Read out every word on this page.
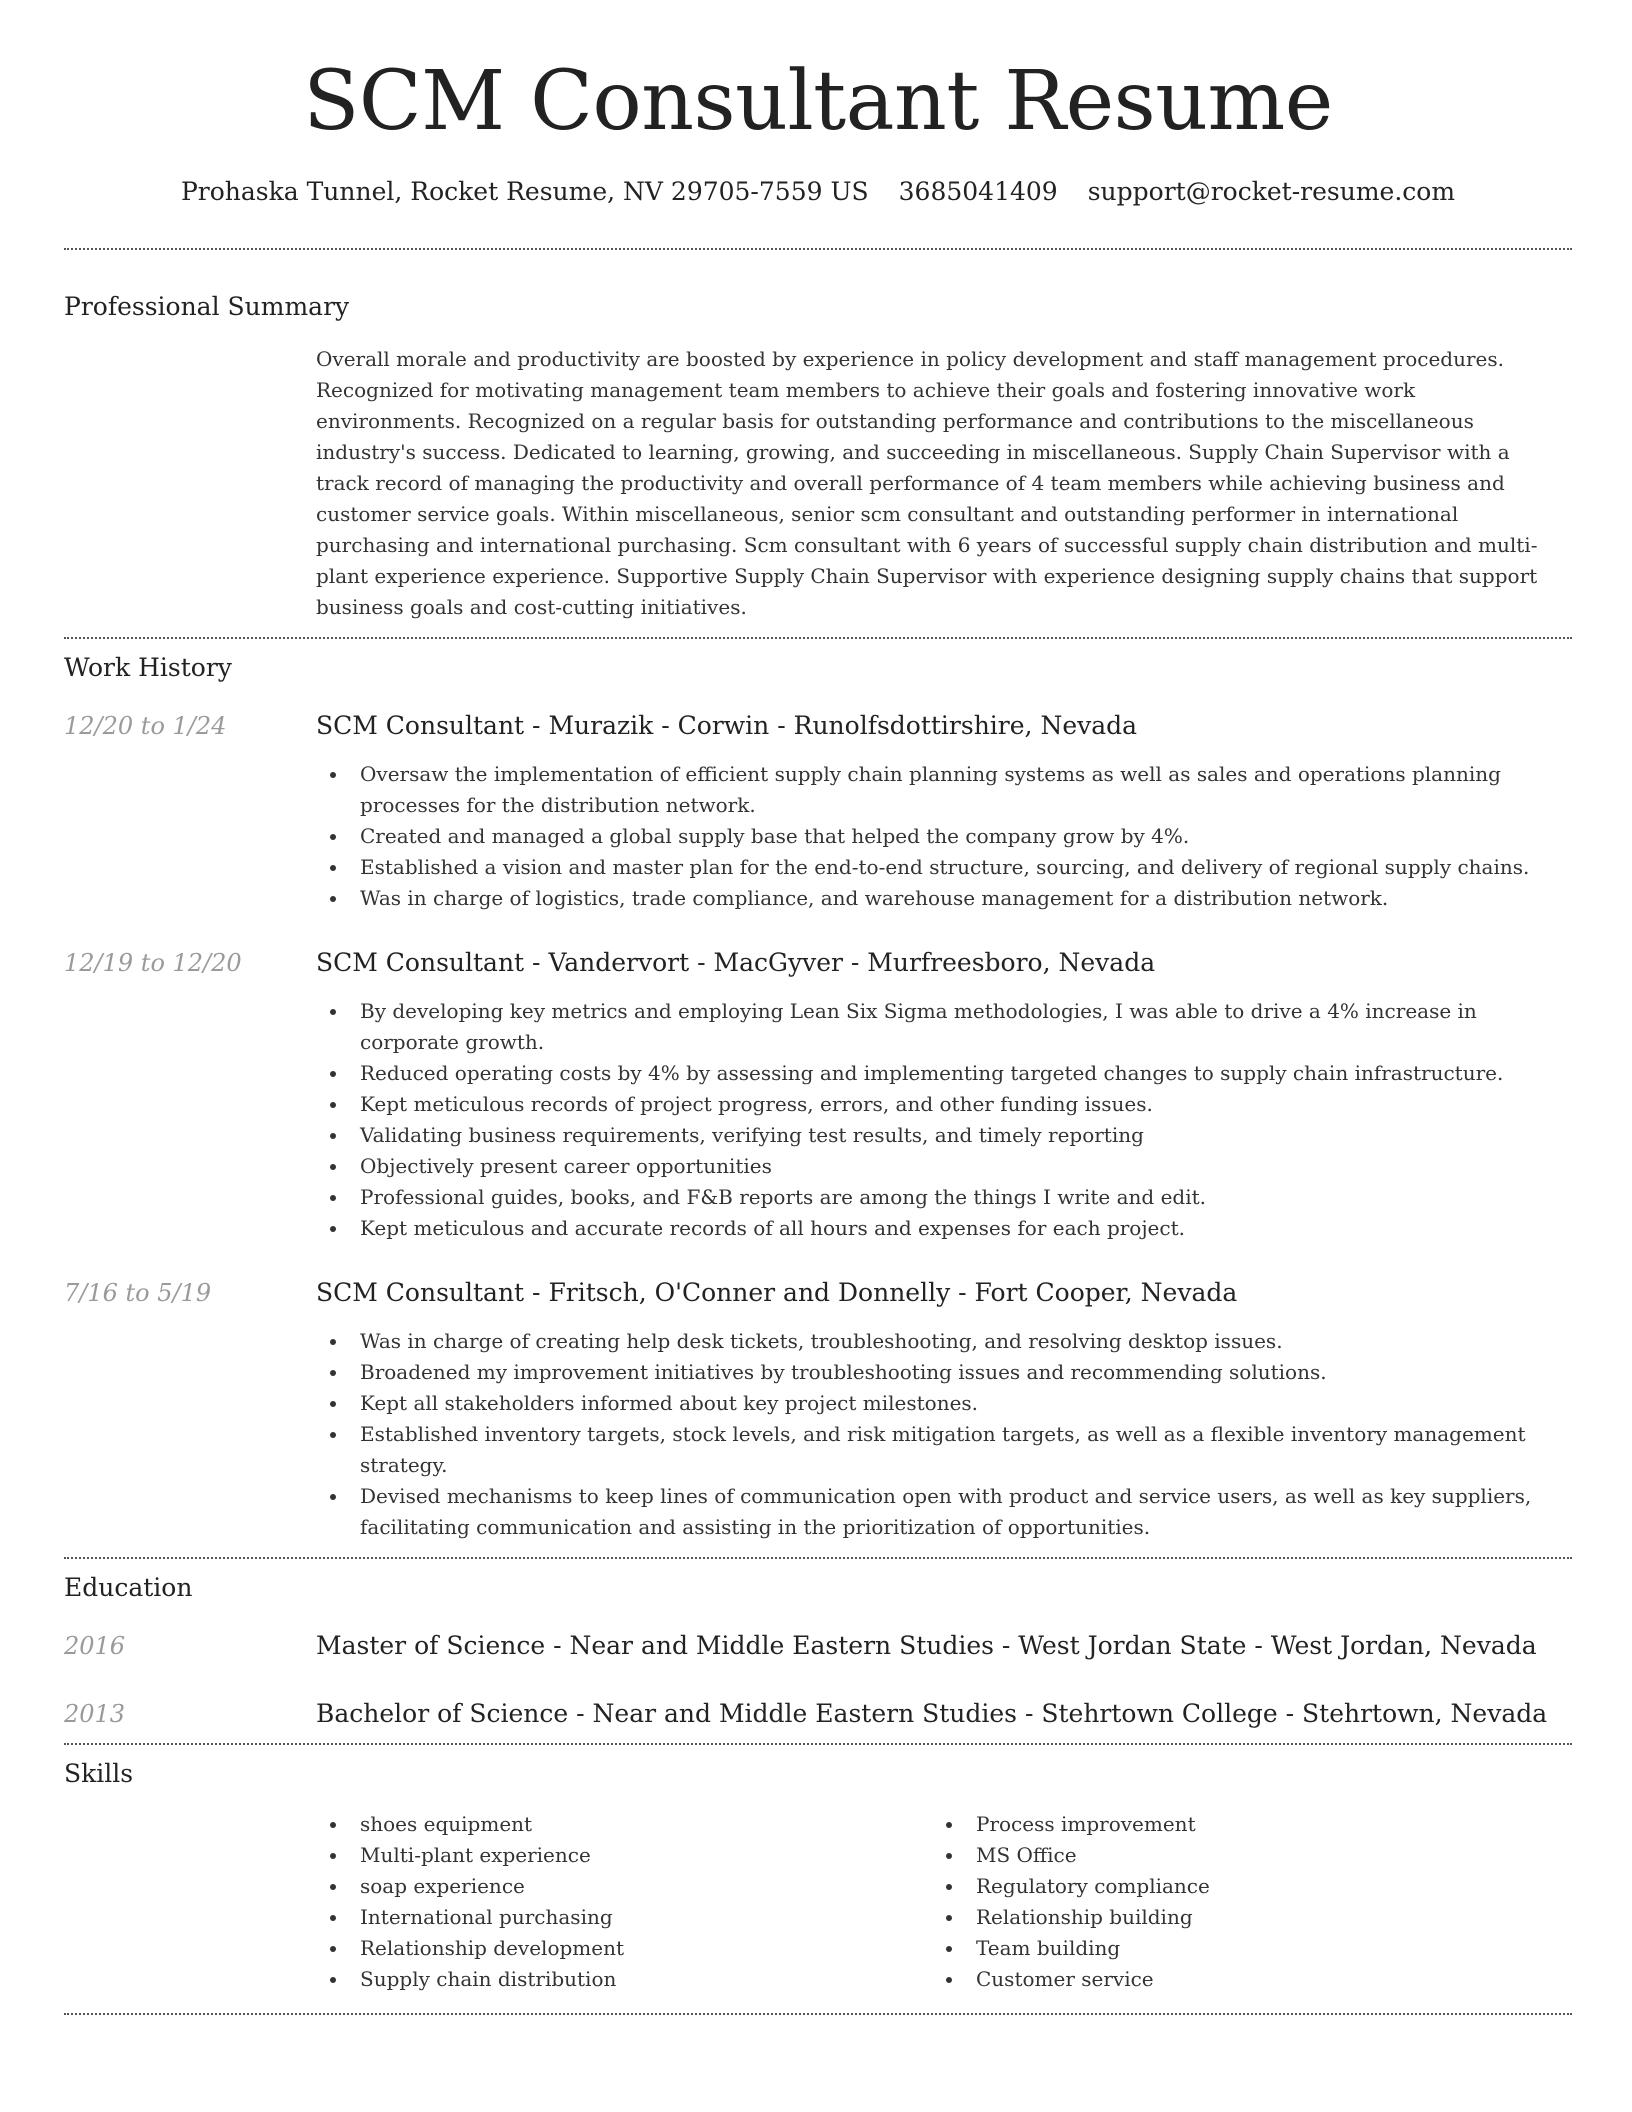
SCM Consultant Resume
Prohaska Tunnel, Rocket Resume, NV 29705-7559 US 3685041409 support@rocket-resume.com
Professional Summary

Overall morale and productivity are boosted by experience in policy development and staff management procedures. Recognized for motivating management team members to achieve their goals and fostering innovative work environments. Recognized on a regular basis for outstanding performance and contributions to the miscellaneous industry's success. Dedicated to learning, growing, and succeeding in miscellaneous. Supply Chain Supervisor with a track record of managing the productivity and overall performance of 4 team members while achieving business and customer service goals. Within miscellaneous, senior scm consultant and outstanding performer in international purchasing and international purchasing. Scm consultant with 6 years of successful supply chain distribution and multi-plant experience experience. Supportive Supply Chain Supervisor with experience designing supply chains that support business goals and cost-cutting initiatives.

Work History
12/20 to 1/24	SCM Consultant - Murazik - Corwin - Runolfsdottirshire, Nevada
Oversaw the implementation of efficient supply chain planning systems as well as sales and operations planning processes for the distribution network.
Created and managed a global supply base that helped the company grow by 4%.
Established a vision and master plan for the end-to-end structure, sourcing, and delivery of regional supply chains.
Was in charge of logistics, trade compliance, and warehouse management for a distribution network.
12/19 to 12/20	SCM Consultant - Vandervort - MacGyver - Murfreesboro, Nevada
By developing key metrics and employing Lean Six Sigma methodologies, I was able to drive a 4% increase in corporate growth.
Reduced operating costs by 4% by assessing and implementing targeted changes to supply chain infrastructure.
Kept meticulous records of project progress, errors, and other funding issues.
Validating business requirements, verifying test results, and timely reporting
Objectively present career opportunities
Professional guides, books, and F&B reports are among the things I write and edit.
Kept meticulous and accurate records of all hours and expenses for each project.
7/16 to 5/19	SCM Consultant - Fritsch, O'Conner and Donnelly - Fort Cooper, Nevada
Was in charge of creating help desk tickets, troubleshooting, and resolving desktop issues.
Broadened my improvement initiatives by troubleshooting issues and recommending solutions.
Kept all stakeholders informed about key project milestones.
Established inventory targets, stock levels, and risk mitigation targets, as well as a flexible inventory management strategy.
Devised mechanisms to keep lines of communication open with product and service users, as well as key suppliers, facilitating communication and assisting in the prioritization of opportunities.
Education
2016	Master of Science - Near and Middle Eastern Studies - West Jordan State - West Jordan, Nevada
2013	Bachelor of Science - Near and Middle Eastern Studies - Stehrtown College - Stehrtown, Nevada
Skills
shoes equipment
Multi-plant experience
soap experience
International purchasing
Relationship development
Supply chain distribution
Process improvement
MS Office
Regulatory compliance
Relationship building
Team building
Customer service
